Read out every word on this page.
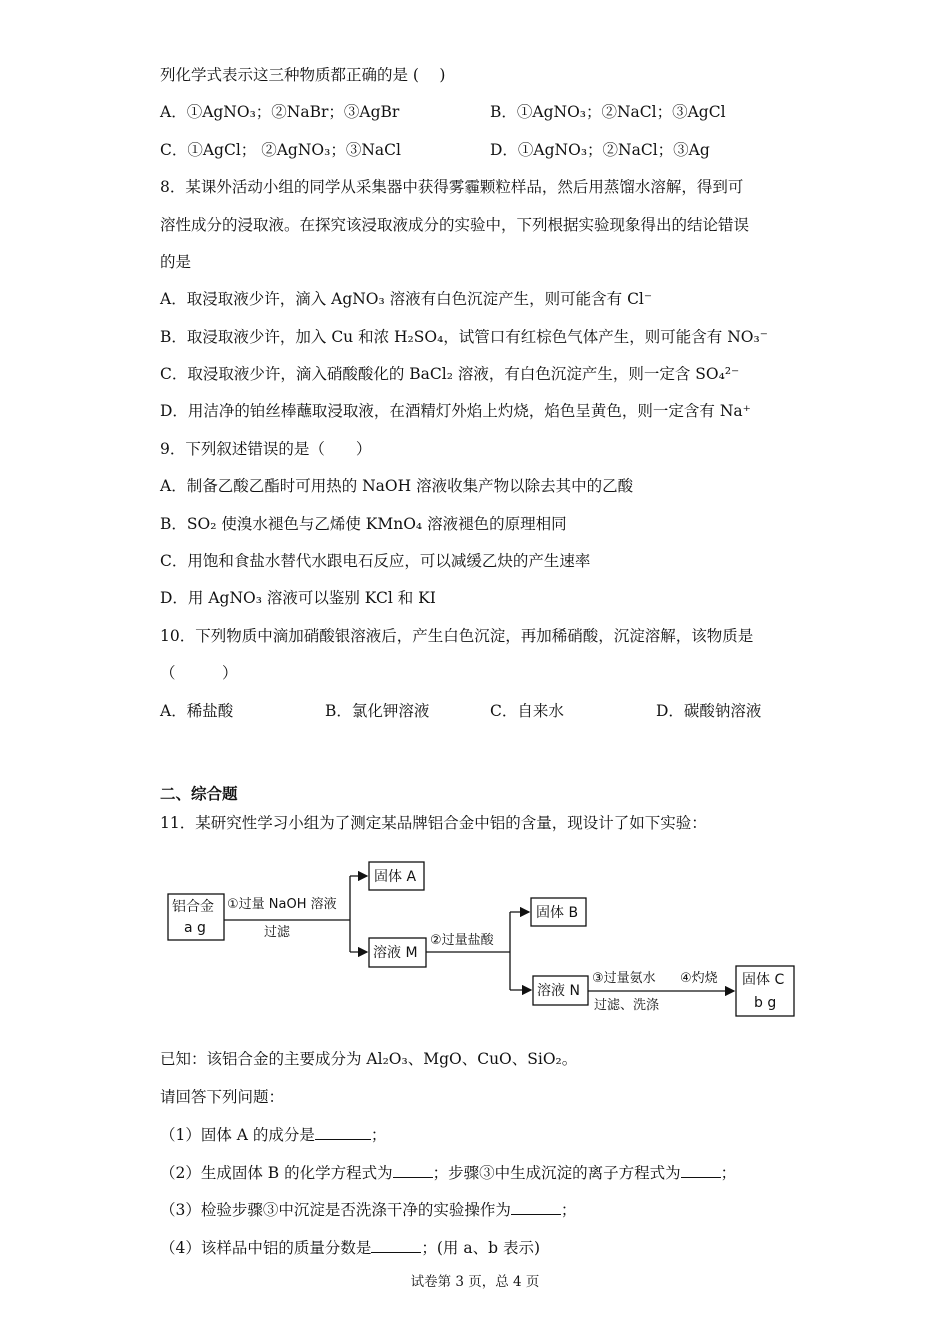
列化学式表示这三种物质都正确的是 (　 )
A．①AgNO₃；②NaBr；③AgBr	B．①AgNO₃；②NaCl；③AgCl
C．①AgCl； ②AgNO₃；③NaCl	D．①AgNO₃；②NaCl；③Ag
8．某课外活动小组的同学从采集器中获得雾霾颗粒样品，然后用蒸馏水溶解，得到可
溶性成分的浸取液。在探究该浸取液成分的实验中，下列根据实验现象得出的结论错误
的是
A．取浸取液少许，滴入 AgNO₃ 溶液有白色沉淀产生，则可能含有 Cl⁻
B．取浸取液少许，加入 Cu 和浓 H₂SO₄，试管口有红棕色气体产生，则可能含有 NO₃⁻
C．取浸取液少许，滴入硝酸酸化的 BaCl₂ 溶液，有白色沉淀产生，则一定含 SO₄²⁻
D．用洁净的铂丝棒蘸取浸取液，在酒精灯外焰上灼烧，焰色呈黄色，则一定含有 Na⁺
9．下列叙述错误的是（　　）
A．制备乙酸乙酯时可用热的 NaOH 溶液收集产物以除去其中的乙酸
B．SO₂ 使溴水褪色与乙烯使 KMnO₄ 溶液褪色的原理相同
C．用饱和食盐水替代水跟电石反应，可以减缓乙炔的产生速率
D．用 AgNO₃ 溶液可以鉴别 KCl 和 KI
10．下列物质中滴加硝酸银溶液后，产生白色沉淀，再加稀硝酸，沉淀溶解，该物质是
（　　　）
A．稀盐酸	B．氯化钾溶液	C．自来水	D．碳酸钠溶液
二、综合题
11．某研究性学习小组为了测定某品牌铝合金中铝的含量，现设计了如下实验：
铝合金
a g
①过量 NaOH 溶液
过滤
固体 A
溶液 M
②过量盐酸
固体 B
溶液 N
③过量氨水
过滤、洗涤
④灼烧 固体 C
b g
已知：该铝合金的主要成分为 Al₂O₃、MgO、CuO、SiO₂。
请回答下列问题：
（1）固体 A 的成分是	；
（2）生成固体 B 的化学方程式为	；步骤③中生成沉淀的离子方程式为	；
（3）检验步骤③中沉淀是否洗涤干净的实验操作为	；
（4）该样品中铝的质量分数是	；(用 a、b 表示)
试卷第 3 页，总 4 页
